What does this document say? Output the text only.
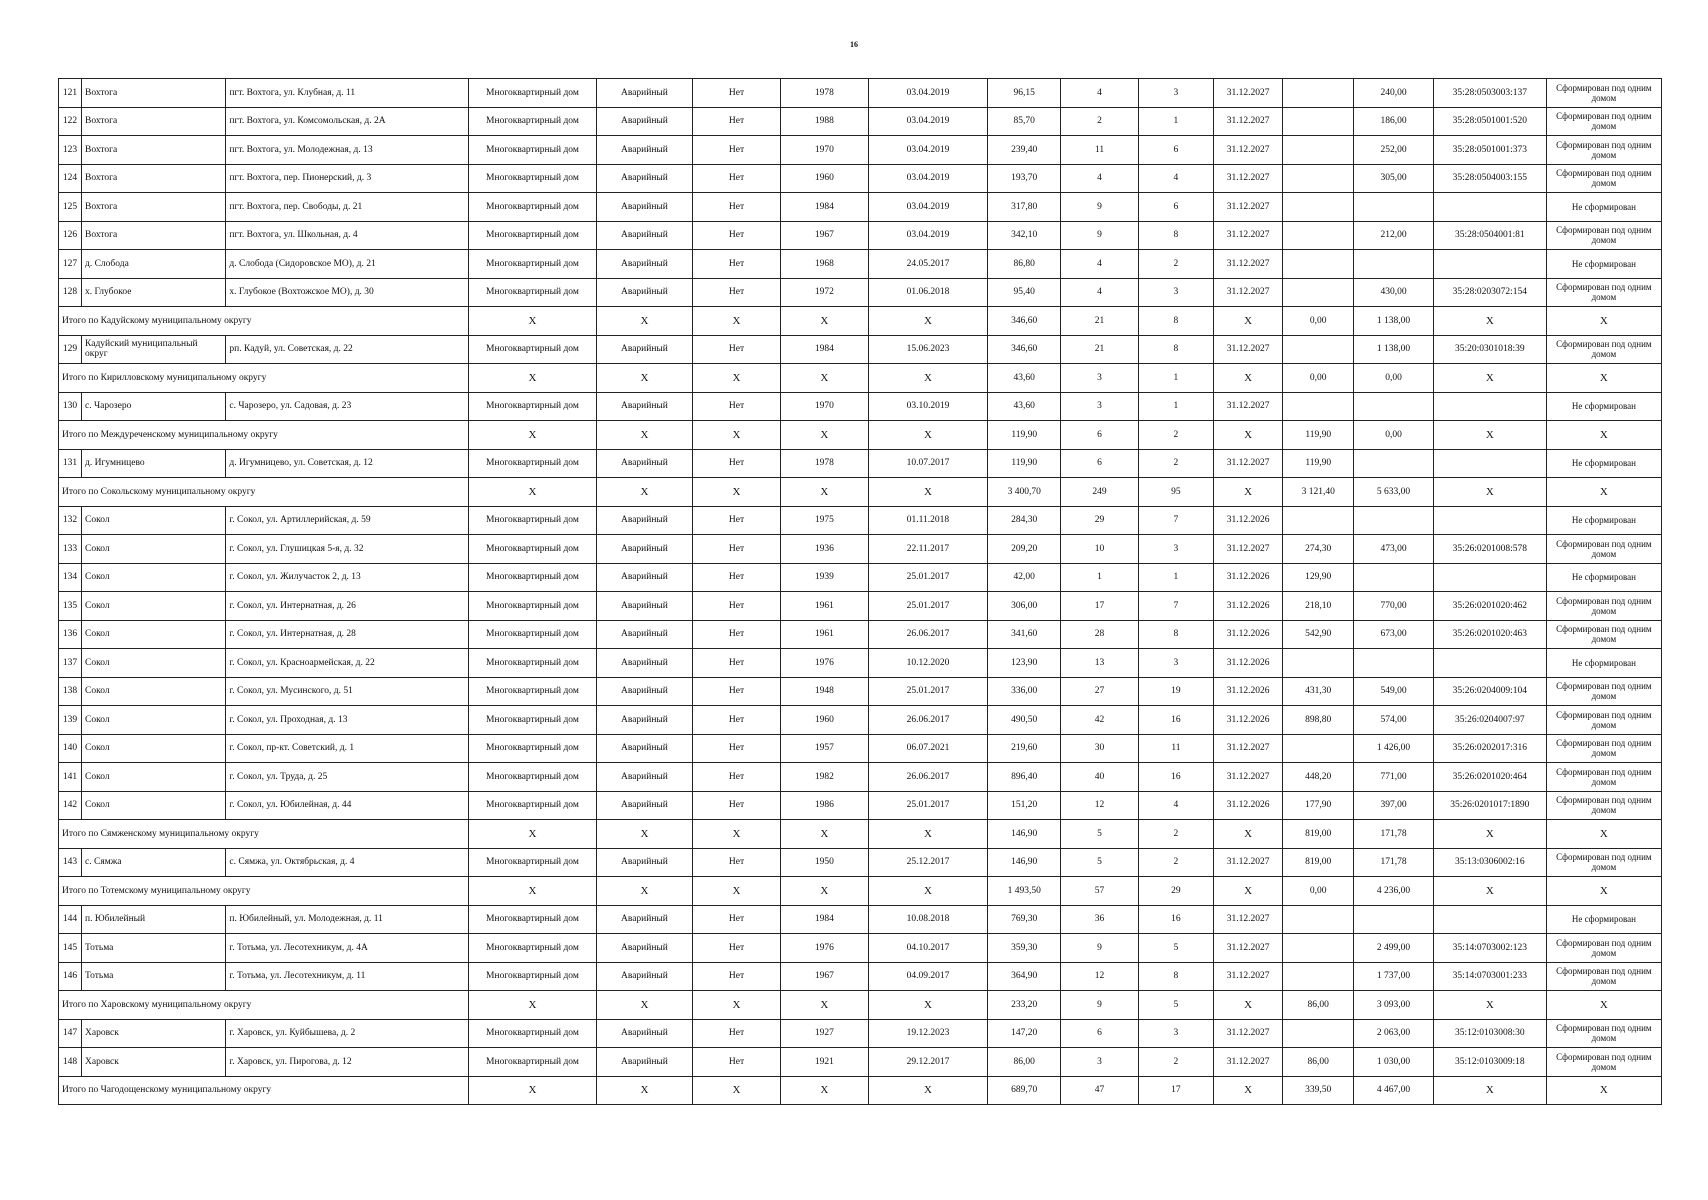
16
121	Вохтога	пгт. Вохтога, ул. Клубная, д. 11	Многоквартирный дом	Аварийный	Нет	1978	03.04.2019	96,15	4	3	31.12.2027		240,00	35:28:0503003:137	Сформирован под одним домом
122	Вохтога	пгт. Вохтога, ул. Комсомольская, д. 2А	Многоквартирный дом	Аварийный	Нет	1988	03.04.2019	85,70	2	1	31.12.2027		186,00	35:28:0501001:520	Сформирован под одним домом
123	Вохтога	пгт. Вохтога, ул. Молодежная, д. 13	Многоквартирный дом	Аварийный	Нет	1970	03.04.2019	239,40	11	6	31.12.2027		252,00	35:28:0501001:373	Сформирован под одним домом
124	Вохтога	пгт. Вохтога, пер. Пионерский, д. 3	Многоквартирный дом	Аварийный	Нет	1960	03.04.2019	193,70	4	4	31.12.2027		305,00	35:28:0504003:155	Сформирован под одним домом
125	Вохтога	пгт. Вохтога, пер. Свободы, д. 21	Многоквартирный дом	Аварийный	Нет	1984	03.04.2019	317,80	9	6	31.12.2027				Не сформирован
126	Вохтога	пгт. Вохтога, ул. Школьная, д. 4	Многоквартирный дом	Аварийный	Нет	1967	03.04.2019	342,10	9	8	31.12.2027		212,00	35:28:0504001:81	Сформирован под одним домом
127	д. Слобода	д. Слобода (Сидоровское МО), д. 21	Многоквартирный дом	Аварийный	Нет	1968	24.05.2017	86,80	4	2	31.12.2027				Не сформирован
128	х. Глубокое	х. Глубокое (Вохтожское МО), д. 30	Многоквартирный дом	Аварийный	Нет	1972	01.06.2018	95,40	4	3	31.12.2027		430,00	35:28:0203072:154	Сформирован под одним домом
Итого по Кадуйскому муниципальному округу			X	X	X	X	X	346,60	21	8	X	0,00	1 138,00	X	X
129	Кадуйский муниципальный округ	рп. Кадуй, ул. Советская, д. 22	Многоквартирный дом	Аварийный	Нет	1984	15.06.2023	346,60	21	8	31.12.2027		1 138,00	35:20:0301018:39	Сформирован под одним домом
Итого по Кирилловскому муниципальному округу			X	X	X	X	X	43,60	3	1	X	0,00	0,00	X	X
130	с. Чарозеро	с. Чарозеро, ул. Садовая, д. 23	Многоквартирный дом	Аварийный	Нет	1970	03.10.2019	43,60	3	1	31.12.2027				Не сформирован
Итого по Междуреченскому муниципальному округу			X	X	X	X	X	119,90	6	2	X	119,90	0,00	X	X
131	д. Игумницево	д. Игумницево, ул. Советская, д. 12	Многоквартирный дом	Аварийный	Нет	1978	10.07.2017	119,90	6	2	31.12.2027	119,90			Не сформирован
Итого по Сокольскому муниципальному округу			X	X	X	X	X	3 400,70	249	95	X	3 121,40	5 633,00	X	X
132	Сокол	г. Сокол, ул. Артиллерийская, д. 59	Многоквартирный дом	Аварийный	Нет	1975	01.11.2018	284,30	29	7	31.12.2026				Не сформирован
133	Сокол	г. Сокол, ул. Глушицкая 5-я, д. 32	Многоквартирный дом	Аварийный	Нет	1936	22.11.2017	209,20	10	3	31.12.2027	274,30	473,00	35:26:0201008:578	Сформирован под одним домом
134	Сокол	г. Сокол, ул. Жилучасток 2, д. 13	Многоквартирный дом	Аварийный	Нет	1939	25.01.2017	42,00	1	1	31.12.2026	129,90			Не сформирован
135	Сокол	г. Сокол, ул. Интернатная, д. 26	Многоквартирный дом	Аварийный	Нет	1961	25.01.2017	306,00	17	7	31.12.2026	218,10	770,00	35:26:0201020:462	Сформирован под одним домом
136	Сокол	г. Сокол, ул. Интернатная, д. 28	Многоквартирный дом	Аварийный	Нет	1961	26.06.2017	341,60	28	8	31.12.2026	542,90	673,00	35:26:0201020:463	Сформирован под одним домом
137	Сокол	г. Сокол, ул. Красноармейская, д. 22	Многоквартирный дом	Аварийный	Нет	1976	10.12.2020	123,90	13	3	31.12.2026				Не сформирован
138	Сокол	г. Сокол, ул. Мусинского, д. 51	Многоквартирный дом	Аварийный	Нет	1948	25.01.2017	336,00	27	19	31.12.2026	431,30	549,00	35:26:0204009:104	Сформирован под одним домом
139	Сокол	г. Сокол, ул. Проходная, д. 13	Многоквартирный дом	Аварийный	Нет	1960	26.06.2017	490,50	42	16	31.12.2026	898,80	574,00	35:26:0204007:97	Сформирован под одним домом
140	Сокол	г. Сокол, пр-кт. Советский, д. 1	Многоквартирный дом	Аварийный	Нет	1957	06.07.2021	219,60	30	11	31.12.2027		1 426,00	35:26:0202017:316	Сформирован под одним домом
141	Сокол	г. Сокол, ул. Труда, д. 25	Многоквартирный дом	Аварийный	Нет	1982	26.06.2017	896,40	40	16	31.12.2027	448,20	771,00	35:26:0201020:464	Сформирован под одним домом
142	Сокол	г. Сокол, ул. Юбилейная, д. 44	Многоквартирный дом	Аварийный	Нет	1986	25.01.2017	151,20	12	4	31.12.2026	177,90	397,00	35:26:0201017:1890	Сформирован под одним домом
Итого по Сямженскому муниципальному округу			X	X	X	X	X	146,90	5	2	X	819,00	171,78	X	X
143	с. Сямжа	с. Сямжа, ул. Октябрьская, д. 4	Многоквартирный дом	Аварийный	Нет	1950	25.12.2017	146,90	5	2	31.12.2027	819,00	171,78	35:13:0306002:16	Сформирован под одним домом
Итого по Тотемскому муниципальному округу			X	X	X	X	X	1 493,50	57	29	X	0,00	4 236,00	X	X
144	п. Юбилейный	п. Юбилейный, ул. Молодежная, д. 11	Многоквартирный дом	Аварийный	Нет	1984	10.08.2018	769,30	36	16	31.12.2027				Не сформирован
145	Тотьма	г. Тотьма, ул. Лесотехникум, д. 4А	Многоквартирный дом	Аварийный	Нет	1976	04.10.2017	359,30	9	5	31.12.2027		2 499,00	35:14:0703002:123	Сформирован под одним домом
146	Тотьма	г. Тотьма, ул. Лесотехникум, д. 11	Многоквартирный дом	Аварийный	Нет	1967	04.09.2017	364,90	12	8	31.12.2027		1 737,00	35:14:0703001:233	Сформирован под одним домом
Итого по Харовскому муниципальному округу			X	X	X	X	X	233,20	9	5	X	86,00	3 093,00	X	X
147	Харовск	г. Харовск, ул. Куйбышева, д. 2	Многоквартирный дом	Аварийный	Нет	1927	19.12.2023	147,20	6	3	31.12.2027		2 063,00	35:12:0103008:30	Сформирован под одним домом
148	Харовск	г. Харовск, ул. Пирогова, д. 12	Многоквартирный дом	Аварийный	Нет	1921	29.12.2017	86,00	3	2	31.12.2027	86,00	1 030,00	35:12:0103009:18	Сформирован под одним домом
Итого по Чагодощенскому муниципальному округу			X	X	X	X	X	689,70	47	17	X	339,50	4 467,00	X	X
